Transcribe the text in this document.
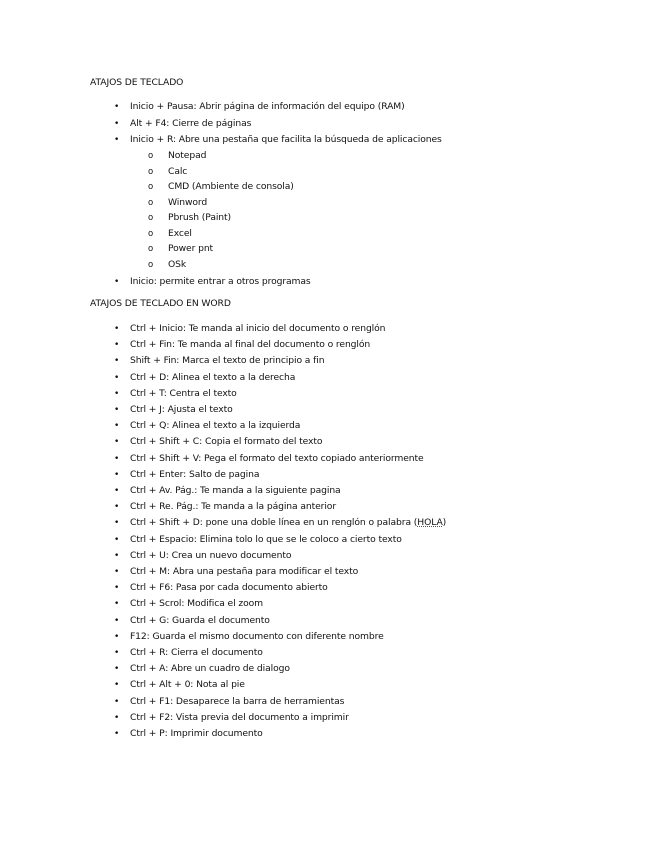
ATAJOS DE TECLADO
• Inicio + Pausa: Abrir página de información del equipo (RAM)
• Alt + F4: Cierre de páginas
• Inicio + R: Abre una pestaña que facilita la búsqueda de aplicaciones
o Notepad
o Calc
o CMD (Ambiente de consola)
o Winword
o Pbrush (Paint)
o Excel
o Power pnt
o OSk
• Inicio: permite entrar a otros programas
ATAJOS DE TECLADO EN WORD
• Ctrl + Inicio: Te manda al inicio del documento o renglón
• Ctrl + Fin: Te manda al final del documento o renglón
• Shift + Fin: Marca el texto de principio a fin
• Ctrl + D: Alinea el texto a la derecha
• Ctrl + T: Centra el texto
• Ctrl + J: Ajusta el texto
• Ctrl + Q: Alinea el texto a la izquierda
• Ctrl + Shift + C: Copia el formato del texto
• Ctrl + Shift + V: Pega el formato del texto copiado anteriormente
• Ctrl + Enter: Salto de pagina
• Ctrl + Av. Pág.: Te manda a la siguiente pagina
• Ctrl + Re. Pág.: Te manda a la página anterior
• Ctrl + Shift + D: pone una doble línea en un renglón o palabra (HOLA)
• Ctrl + Espacio: Elimina tolo lo que se le coloco a cierto texto
• Ctrl + U: Crea un nuevo documento
• Ctrl + M: Abra una pestaña para modificar el texto
• Ctrl + F6: Pasa por cada documento abierto
• Ctrl + Scrol: Modifica el zoom
• Ctrl + G: Guarda el documento
• F12: Guarda el mismo documento con diferente nombre
• Ctrl + R: Cierra el documento
• Ctrl + A: Abre un cuadro de dialogo
• Ctrl + Alt + 0: Nota al pie
• Ctrl + F1: Desaparece la barra de herramientas
• Ctrl + F2: Vista previa del documento a imprimir
• Ctrl + P: Imprimir documento
